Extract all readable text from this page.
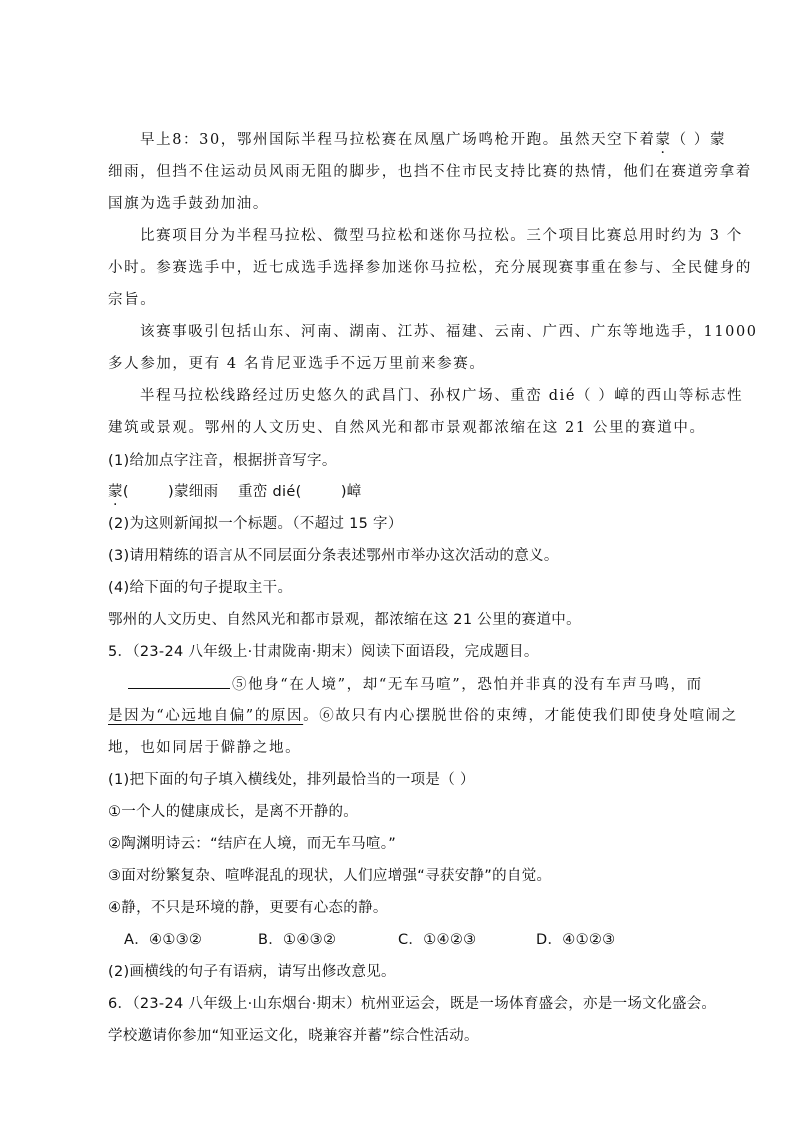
早上8：30，鄂州国际半程马拉松赛在凤凰广场鸣枪开跑。虽然天空下着蒙（ ）蒙
细雨，但挡不住运动员风雨无阻的脚步，也挡不住市民支持比赛的热情，他们在赛道旁拿着
国旗为选手鼓劲加油。
比赛项目分为半程马拉松、微型马拉松和迷你马拉松。三个项目比赛总用时约为 3 个
小时。参赛选手中，近七成选手选择参加迷你马拉松，充分展现赛事重在参与、全民健身的
宗旨。
该赛事吸引包括山东、河南、湖南、江苏、福建、云南、广西、广东等地选手，11000
多人参加，更有 4 名肯尼亚选手不远万里前来参赛。
半程马拉松线路经过历史悠久的武昌门、孙权广场、重峦 dié（ ）嶂的西山等标志性
建筑或景观。鄂州的人文历史、自然风光和都市景观都浓缩在这 21 公里的赛道中。
(1)给加点字注音，根据拼音写字。
蒙(        )蒙细雨    重峦 dié(        )嶂
(2)为这则新闻拟一个标题。（不超过 15 字）
(3)请用精练的语言从不同层面分条表述鄂州市举办这次活动的意义。
(4)给下面的句子提取主干。
鄂州的人文历史、自然风光和都市景观，都浓缩在这 21 公里的赛道中。
5．（23-24 八年级上·甘肃陇南·期末）阅读下面语段，完成题目。
⑤他身“在人境”，却“无车马喧”，恐怕并非真的没有车声马鸣，而
是因为“心远地自偏”的原因。⑥故只有内心摆脱世俗的束缚，才能使我们即使身处喧闹之
地，也如同居于僻静之地。
(1)把下面的句子填入横线处，排列最恰当的一项是（ ）
①一个人的健康成长，是离不开静的。
②陶渊明诗云：“结庐在人境，而无车马喧。”
③面对纷繁复杂、喧哗混乱的现状，人们应增强“寻获安静”的自觉。
④静，不只是环境的静，更要有心态的静。
A．④①③②	B．①④③②	C．①④②③	D．④①②③
(2)画横线的句子有语病，请写出修改意见。
6．（23-24 八年级上·山东烟台·期末）杭州亚运会，既是一场体育盛会，亦是一场文化盛会。
学校邀请你参加“知亚运文化，晓兼容并蓄”综合性活动。
